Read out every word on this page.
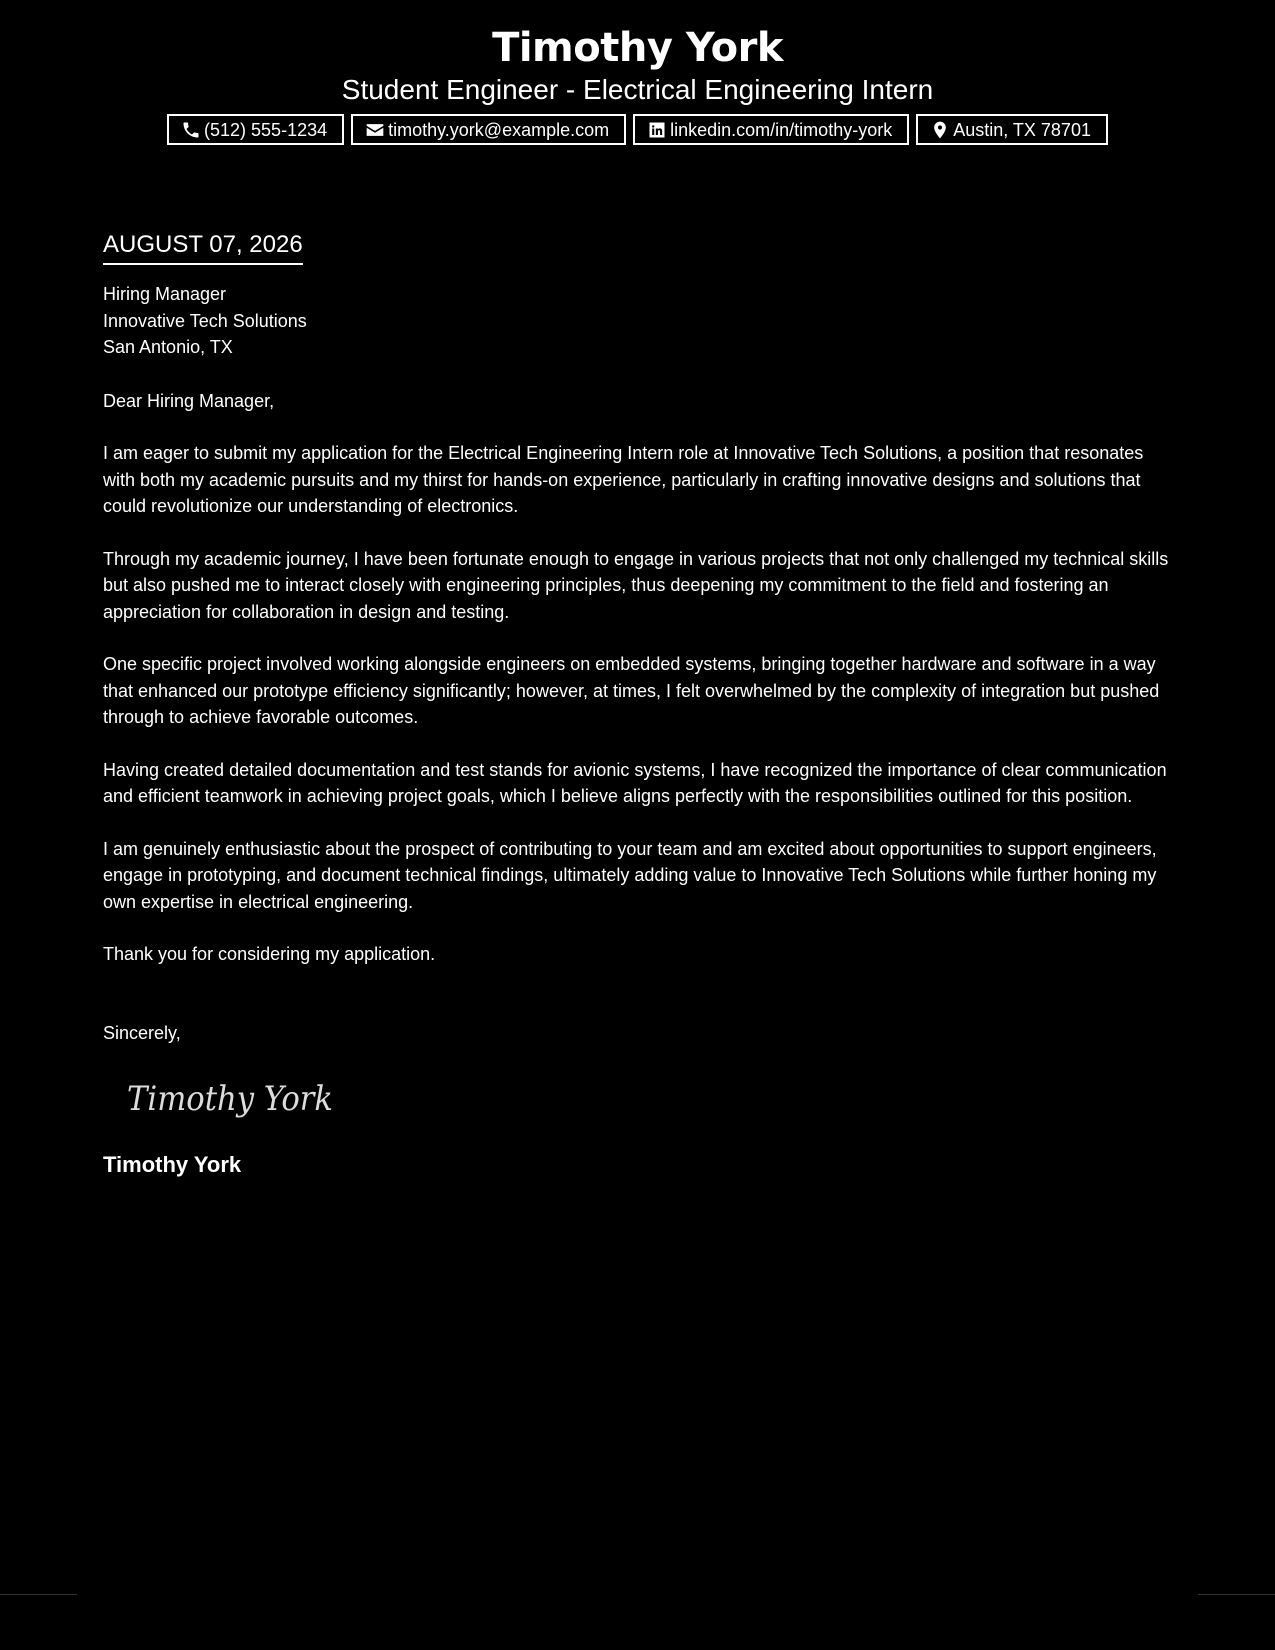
Timothy York
Student Engineer - Electrical Engineering Intern
(512) 555-1234	timothy.york@example.com	linkedin.com/in/timothy-york	Austin, TX 78701
AUGUST 07, 2026
Hiring Manager
Innovative Tech Solutions
San Antonio, TX
Dear Hiring Manager,
I am eager to submit my application for the Electrical Engineering Intern role at Innovative Tech Solutions, a position that resonates with both my academic pursuits and my thirst for hands-on experience, particularly in crafting innovative designs and solutions that could revolutionize our understanding of electronics.
Through my academic journey, I have been fortunate enough to engage in various projects that not only challenged my technical skills but also pushed me to interact closely with engineering principles, thus deepening my commitment to the field and fostering an appreciation for collaboration in design and testing.
One specific project involved working alongside engineers on embedded systems, bringing together hardware and software in a way that enhanced our prototype efficiency significantly; however, at times, I felt overwhelmed by the complexity of integration but pushed through to achieve favorable outcomes.
Having created detailed documentation and test stands for avionic systems, I have recognized the importance of clear communication and efficient teamwork in achieving project goals, which I believe aligns perfectly with the responsibilities outlined for this position.
I am genuinely enthusiastic about the prospect of contributing to your team and am excited about opportunities to support engineers, engage in prototyping, and document technical findings, ultimately adding value to Innovative Tech Solutions while further honing my own expertise in electrical engineering.
Thank you for considering my application.
Sincerely,
Timothy York
Timothy York
